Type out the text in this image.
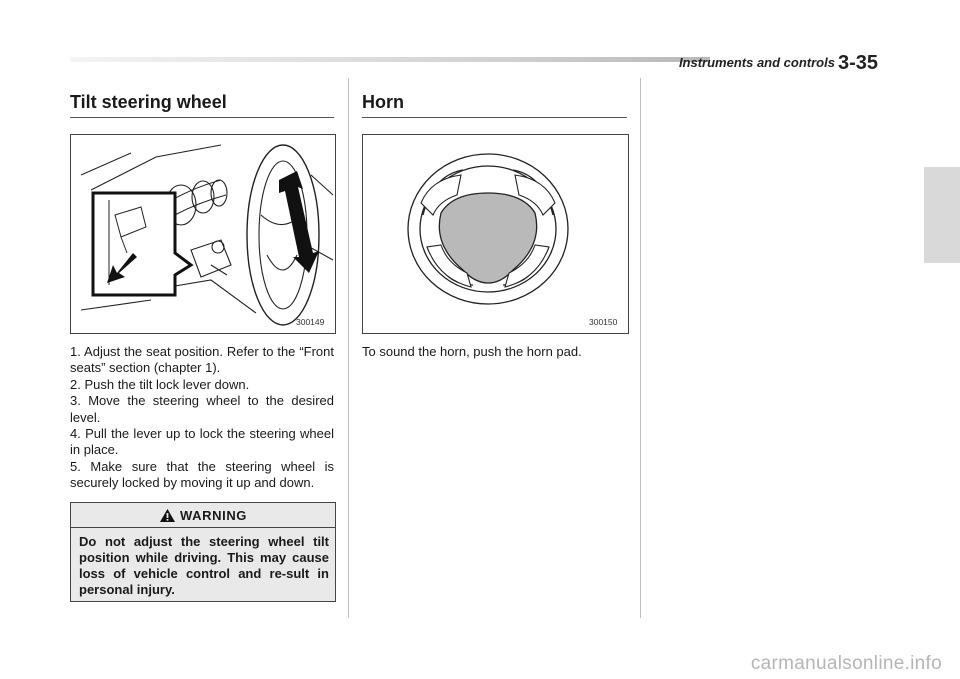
Instruments and controls 3-35
Tilt steering wheel
300149

1. Adjust the seat position. Refer to the “Front seats” section (chapter 1).

2. Push the tilt lock lever down.

3. Move the steering wheel to the desired level.

4. Pull the lever up to lock the steering wheel in place.

5. Make sure that the steering wheel is securely locked by moving it up and down.

WARNING
Do not adjust the steering wheel tilt position while driving. This may cause loss of vehicle control and re-sult in personal injury.
Horn
300150

To sound the horn, push the horn pad.

carmanualsonline.info
